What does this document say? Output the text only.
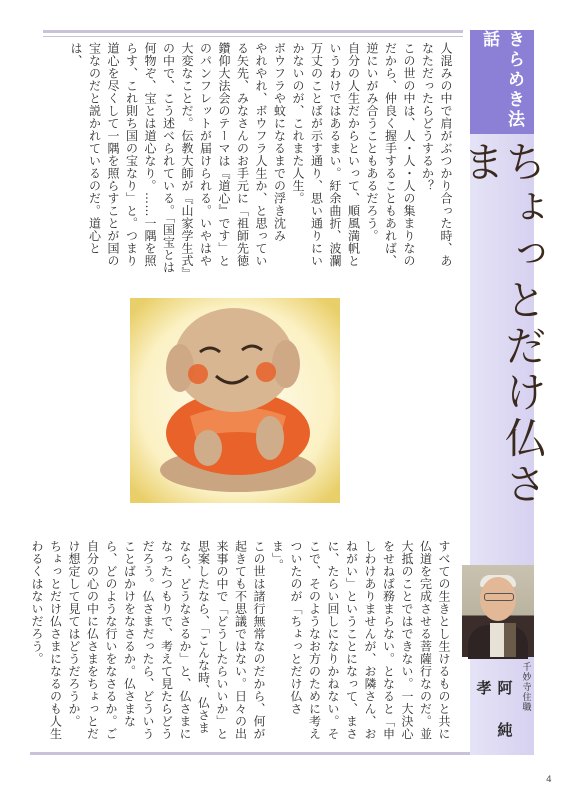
きらめき法話
ちょっとだけ仏さま

人混みの中で肩がぶつかり合った時、あなただったらどうするか？

この世の中は、人・人・人の集まりなのだから、仲良く握手することもあれば、逆にいがみ合うこともあるだろう。

自分の人生だからといって、順風満帆というわけではあるまい。紆余曲折、波瀾万丈のことばが示す通り、思い通りにいかないのが、これまた人生。

ボウフラや蚊になるまでの浮き沈み

やれやれ、ボウフラ人生か、と思っている矢先、みなさんのお手元に「祖師先徳鑽仰大法会のテーマは『道心』です」とのパンフレットが届けられる。いやはや大変なことだ。伝教大師が『山家学生式』の中で、こう述べられている。「国宝とは何物ぞ、宝とは道心なり。……一隅を照らす、これ則ち国の宝なり」と。つまり道心を尽くして一隅を照らすことが国の宝なのだと説かれているのだ。道心とは、

すべての生きとし生けるものと共に仏道を完成させる菩薩行なのだ。並大抵のことではできない。一大決心をせねば務まらない。となると「申しわけありませんが、お隣さん、おねがい」ということになって、まさに、たらい回しになりかねない。そこで、そのようなお方のために考えついたのが「ちょっとだけ仏さま」。

この世は諸行無常なのだから、何が起きても不思議ではない。日々の出来事の中で「どうしたらいいか」と思案したなら、「こんな時、仏さまなら、どうなさるか」と、仏さまになったつもりで、考えて見たらどうだろう。仏さまだったら、どういうことばかけをなさるか。仏さまなら、どのような行いをなさるか。ご自分の心の中に仏さまをちょっとだけ想定して見てはどうだろうか。

ちょっとだけ仏さまになるのも人生わるくはないだろう。

千妙寺住職
阿　純孝
4
